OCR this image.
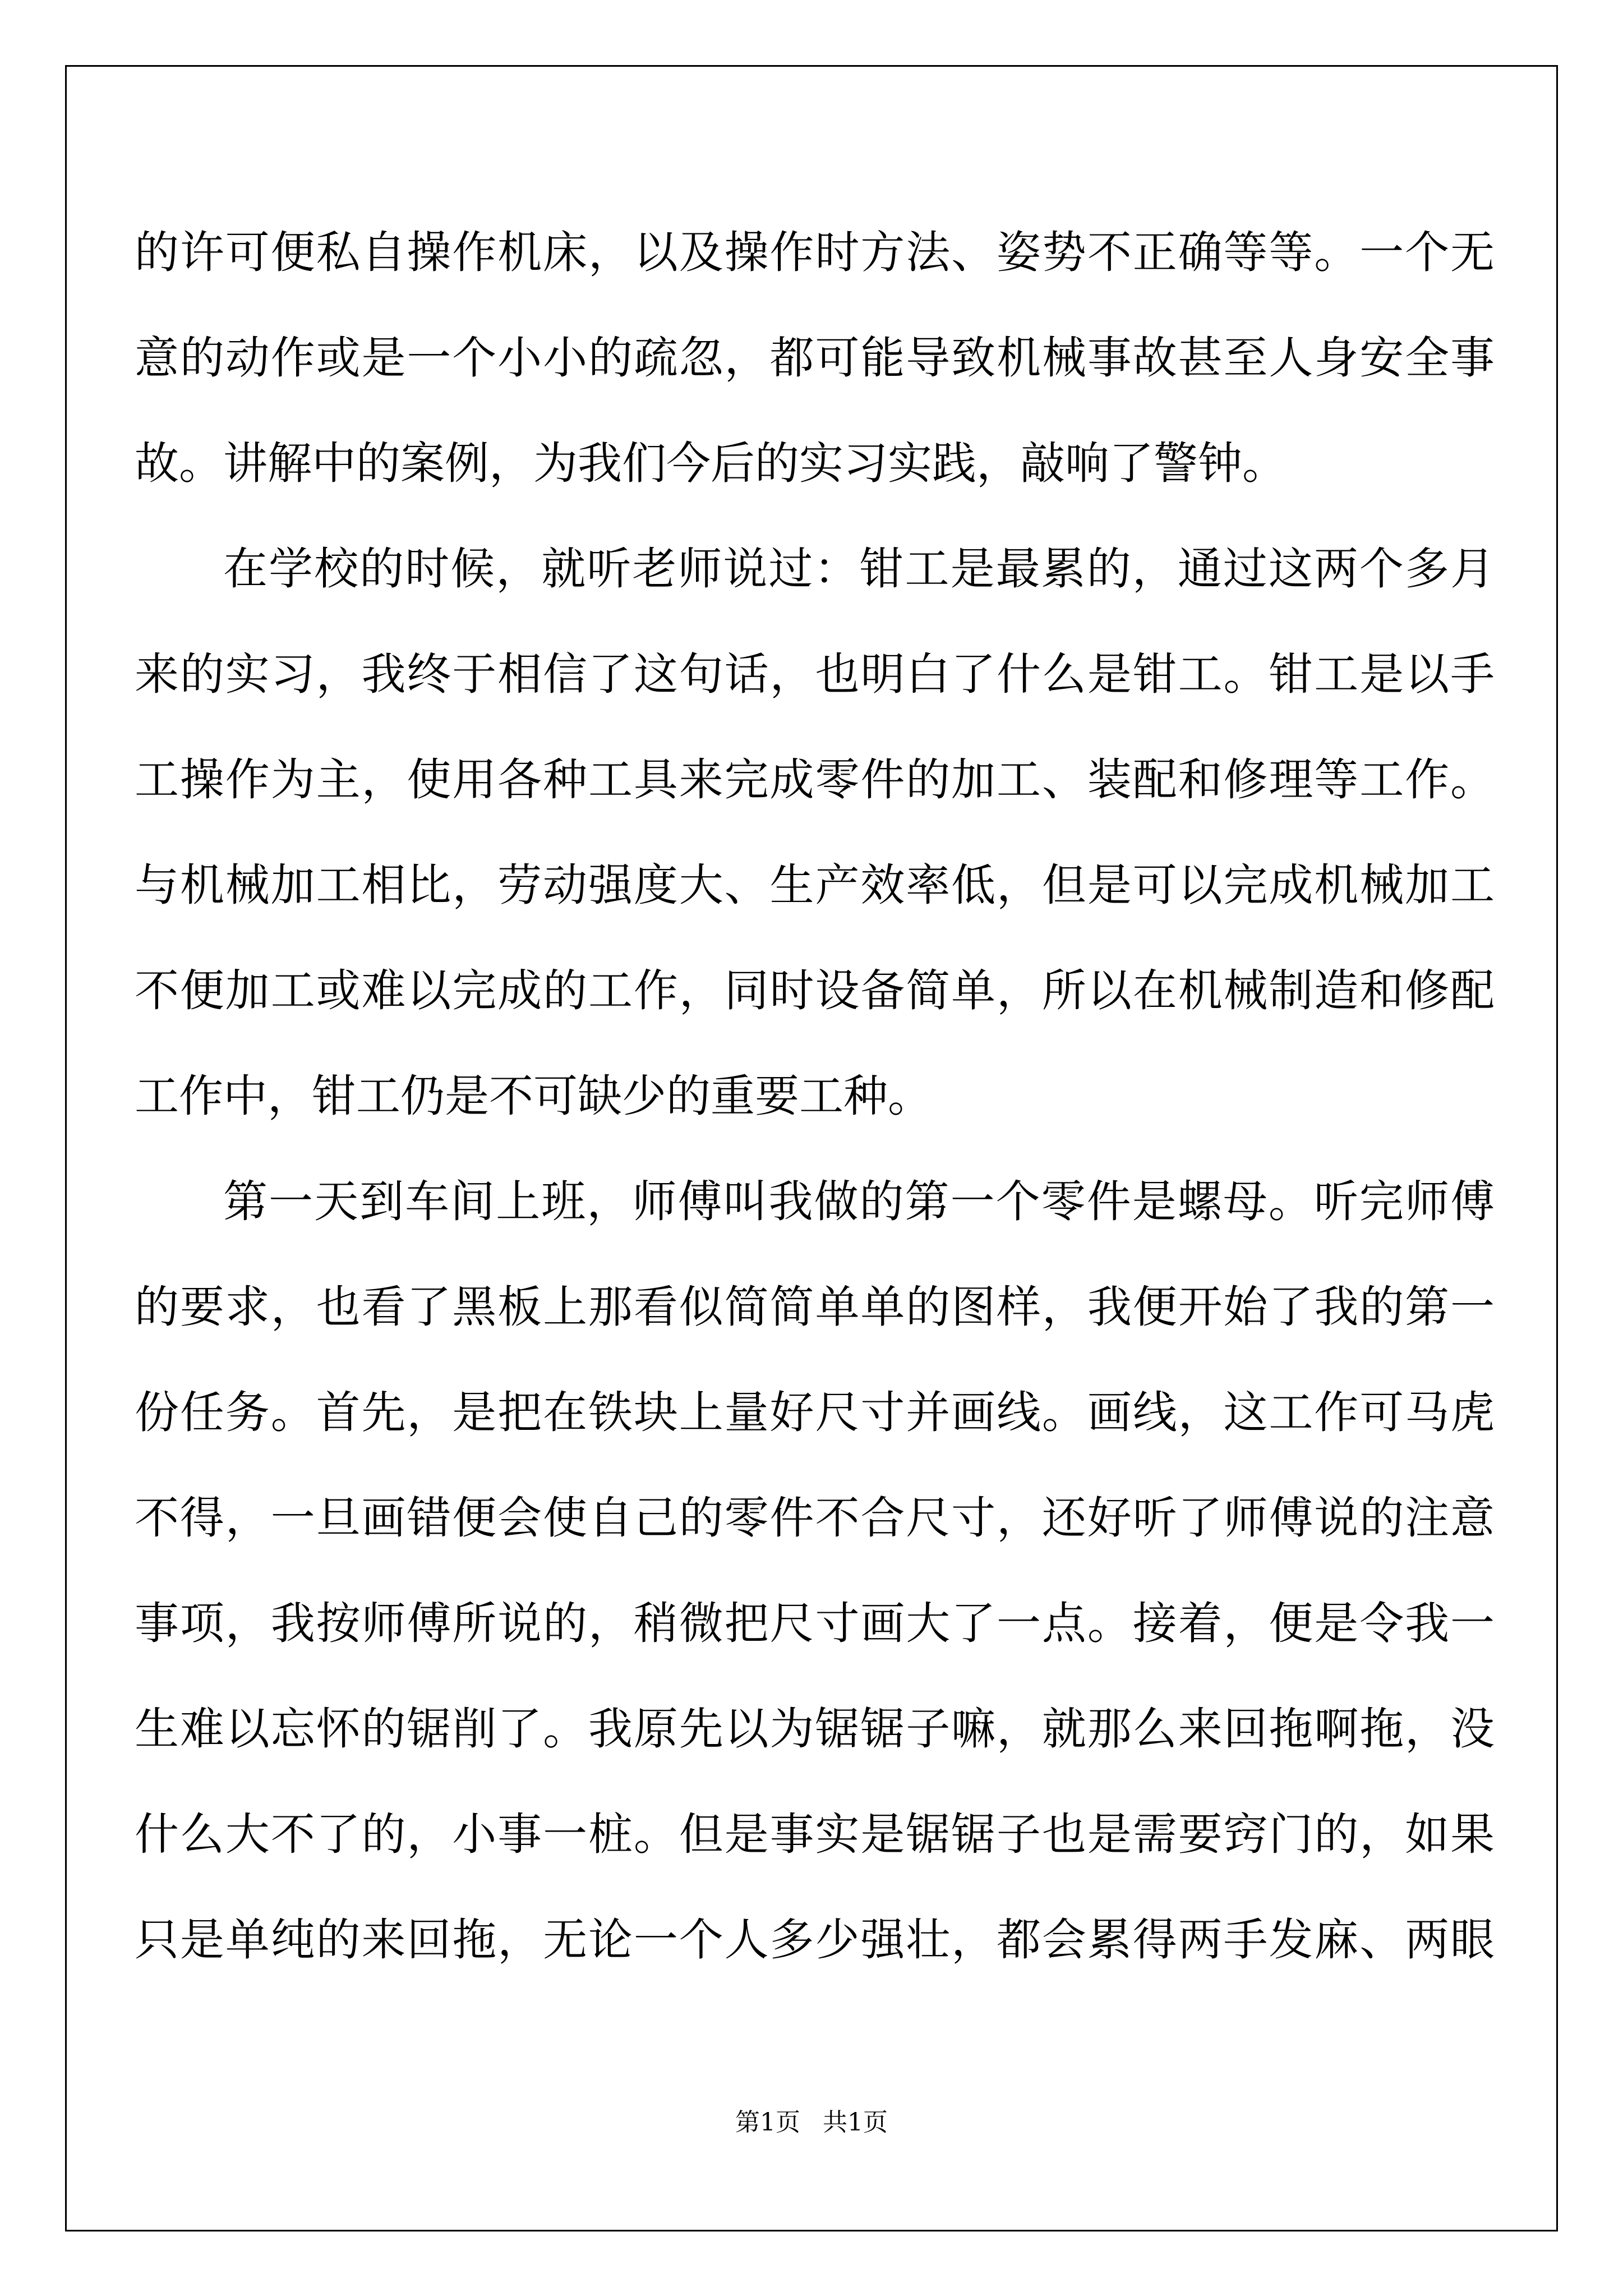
的许可便私自操作机床，以及操作时方法、姿势不正确等等。一个无
意的动作或是一个小小的疏忽，都可能导致机械事故甚至人身安全事
故。讲解中的案例，为我们今后的实习实践，敲响了警钟。
在学校的时候，就听老师说过：钳工是最累的，通过这两个多月
来的实习，我终于相信了这句话，也明白了什么是钳工。钳工是以手
工操作为主，使用各种工具来完成零件的加工、装配和修理等工作。
与机械加工相比，劳动强度大、生产效率低，但是可以完成机械加工
不便加工或难以完成的工作，同时设备简单，所以在机械制造和修配
工作中，钳工仍是不可缺少的重要工种。
第一天到车间上班，师傅叫我做的第一个零件是螺母。听完师傅
的要求，也看了黑板上那看似简简单单的图样，我便开始了我的第一
份任务。首先，是把在铁块上量好尺寸并画线。画线，这工作可马虎
不得，一旦画错便会使自己的零件不合尺寸，还好听了师傅说的注意
事项，我按师傅所说的，稍微把尺寸画大了一点。接着，便是令我一
生难以忘怀的锯削了。我原先以为锯锯子嘛，就那么来回拖啊拖，没
什么大不了的，小事一桩。但是事实是锯锯子也是需要窍门的，如果
只是单纯的来回拖，无论一个人多少强壮，都会累得两手发麻、两眼
第1页 共1页
